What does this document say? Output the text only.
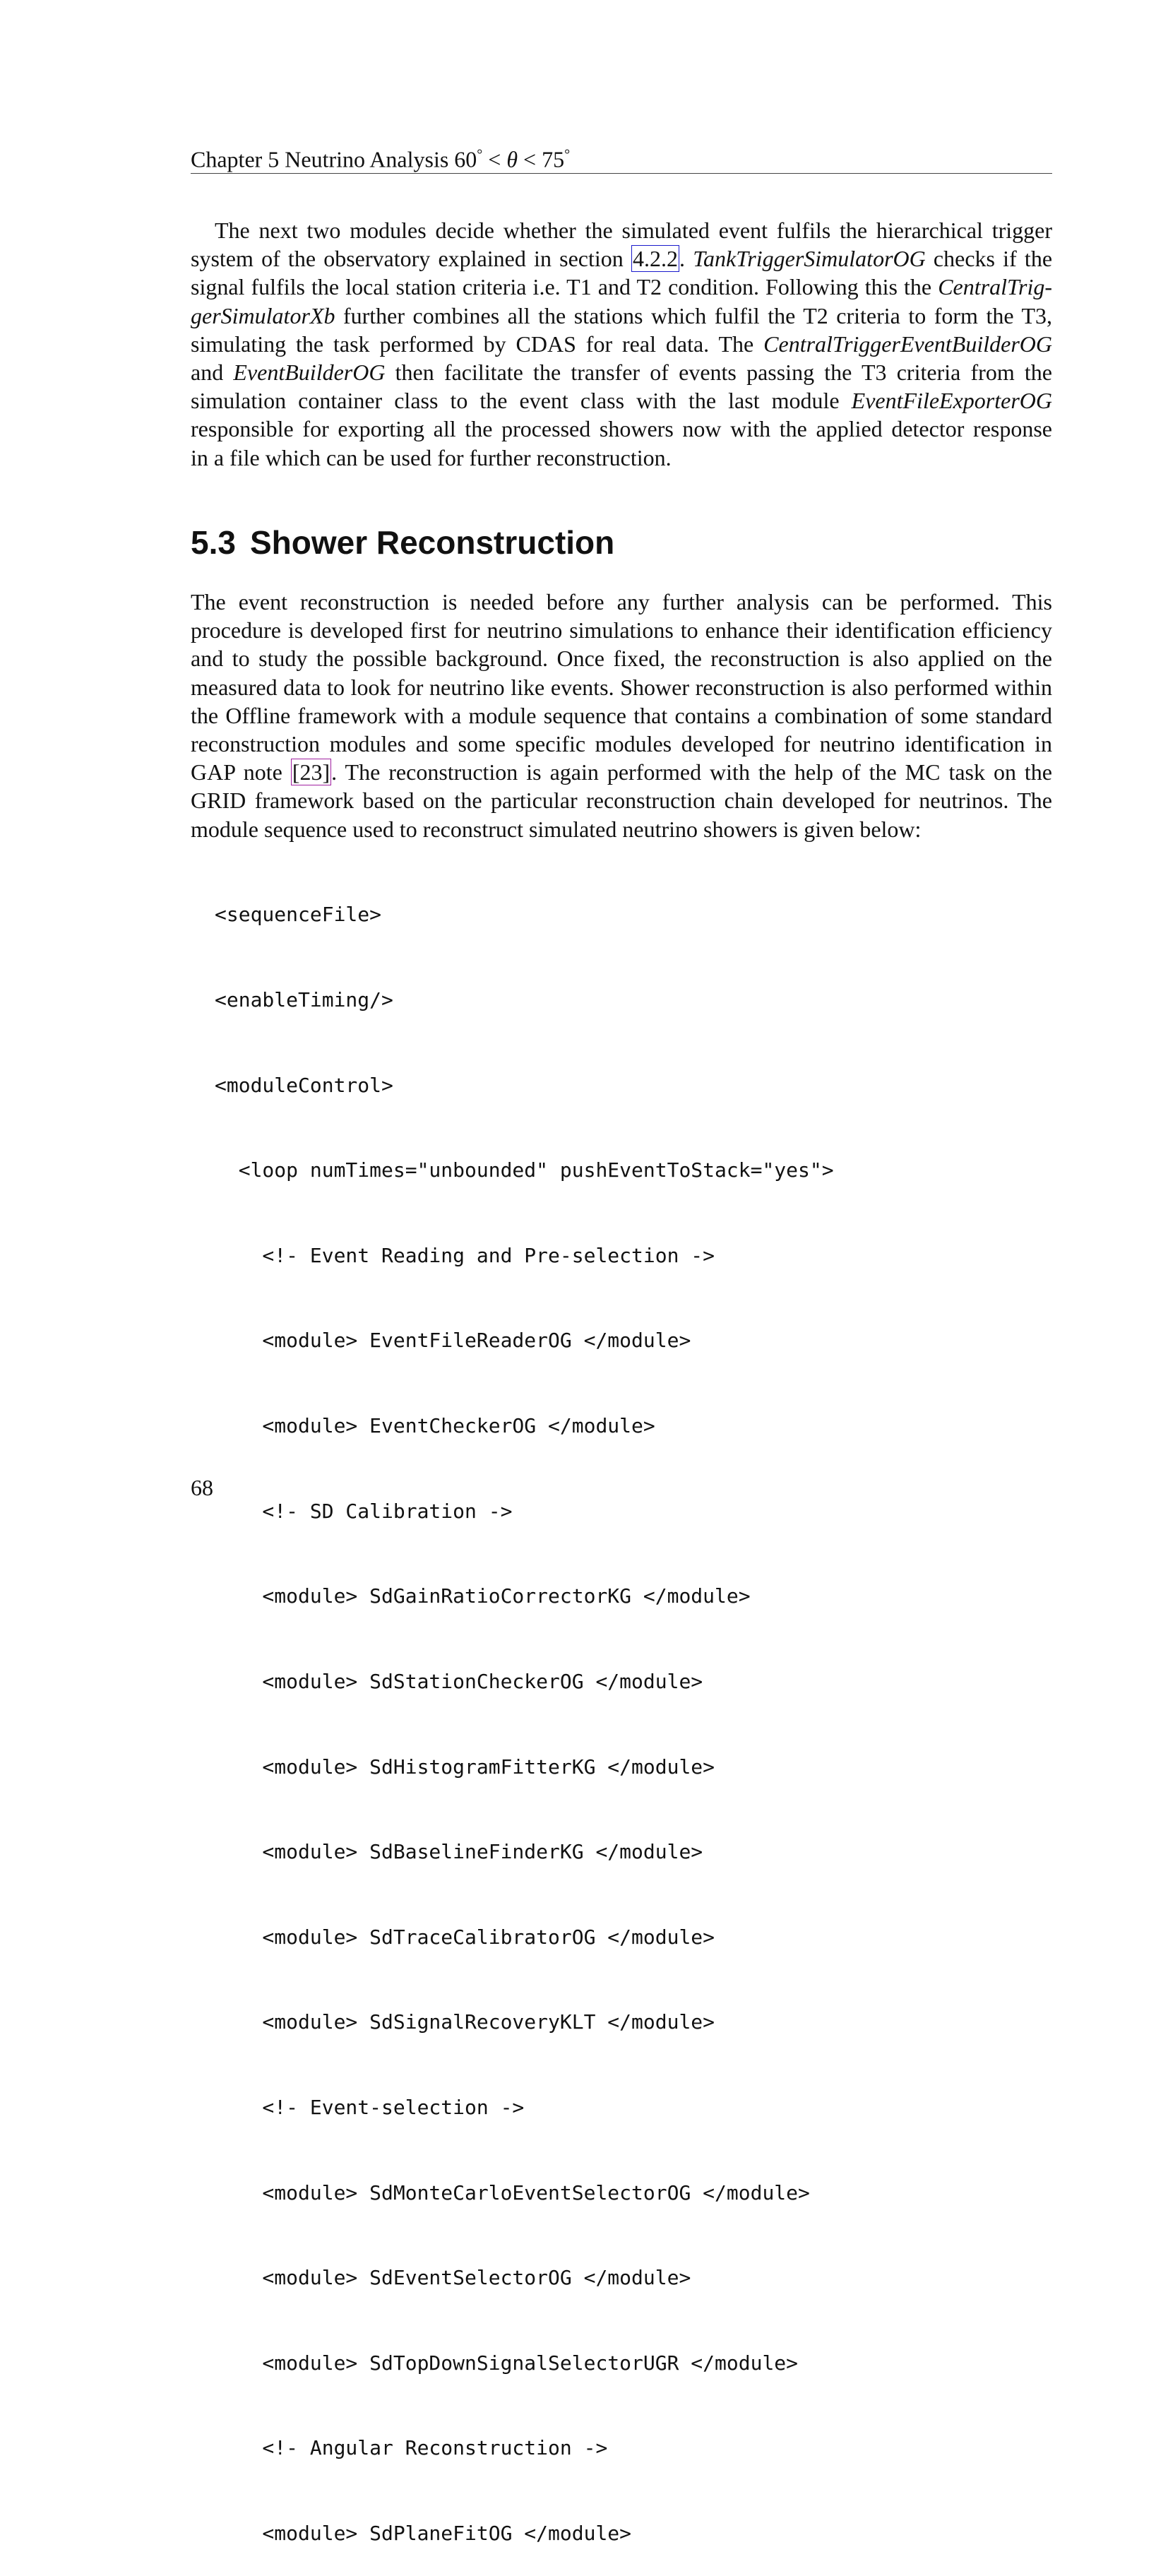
Chapter 5 Neutrino Analysis 60° < θ < 75°
The next two modules decide whether the simulated event fulfils the hierarchical trigger
system of the observatory explained in section 4.2.2. TankTriggerSimulatorOG checks if the
signal fulfils the local station criteria i.e. T1 and T2 condition. Following this the CentralTrig-
gerSimulatorXb further combines all the stations which fulfil the T2 criteria to form the T3,
simulating the task performed by CDAS for real data. The CentralTriggerEventBuilderOG
and EventBuilderOG then facilitate the transfer of events passing the T3 criteria from the
simulation container class to the event class with the last module EventFileExporterOG
responsible for exporting all the processed showers now with the applied detector response
in a file which can be used for further reconstruction.
5.3 Shower Reconstruction
The event reconstruction is needed before any further analysis can be performed. This
procedure is developed first for neutrino simulations to enhance their identification efficiency
and to study the possible background. Once fixed, the reconstruction is also applied on the
measured data to look for neutrino like events. Shower reconstruction is also performed within
the Offline framework with a module sequence that contains a combination of some standard
reconstruction modules and some specific modules developed for neutrino identification in
GAP note [23]. The reconstruction is again performed with the help of the MC task on the
GRID framework based on the particular reconstruction chain developed for neutrinos. The
module sequence used to reconstruct simulated neutrino showers is given below:

<sequenceFile>

<enableTiming/>

<moduleControl>

<loop numTimes="unbounded" pushEventToStack="yes">

<!- Event Reading and Pre-selection ->

<module> EventFileReaderOG </module>

<module> EventCheckerOG </module>

<!- SD Calibration ->

<module> SdGainRatioCorrectorKG </module>

<module> SdStationCheckerOG </module>

<module> SdHistogramFitterKG </module>

<module> SdBaselineFinderKG </module>

<module> SdTraceCalibratorOG </module>

<module> SdSignalRecoveryKLT </module>

<!- Event-selection ->

<module> SdMonteCarloEventSelectorOG </module>

<module> SdEventSelectorOG </module>

<module> SdTopDownSignalSelectorUGR </module>

<!- Angular Reconstruction ->

<module> SdPlaneFitOG </module>

68
